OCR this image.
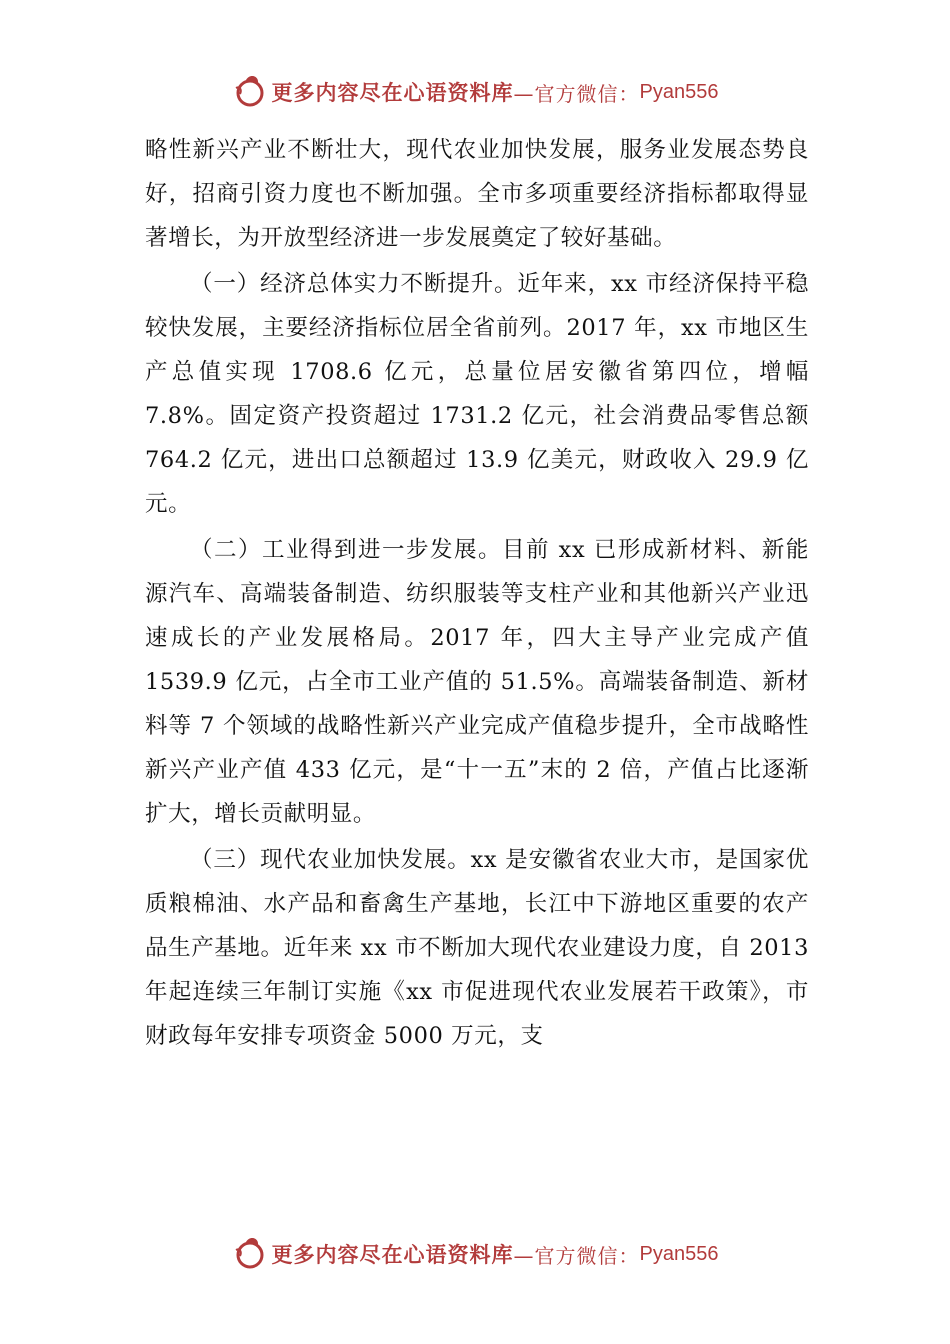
更多内容尽在心语资料库 —官方微信： Pyan556

略性新兴产业不断壮大，现代农业加快发展，服务业发展态势良好，招商引资力度也不断加强。全市多项重要经济指标都取得显著增长，为开放型经济进一步发展奠定了较好基础。

（一）经济总体实力不断提升。近年来，xx 市经济保持平稳较快发展，主要经济指标位居全省前列。2017 年，xx 市地区生产总值实现 1708.6 亿元，总量位居安徽省第四位，增幅 7.8%。固定资产投资超过 1731.2 亿元，社会消费品零售总额 764.2 亿元，进出口总额超过 13.9 亿美元，财政收入 29.9 亿元。

（二）工业得到进一步发展。目前 xx 已形成新材料、新能源汽车、高端装备制造、纺织服装等支柱产业和其他新兴产业迅速成长的产业发展格局。2017 年，四大主导产业完成产值 1539.9 亿元，占全市工业产值的 51.5%。高端装备制造、新材料等 7 个领域的战略性新兴产业完成产值稳步提升，全市战略性新兴产业产值 433 亿元，是“十一五”末的 2 倍，产值占比逐渐扩大，增长贡献明显。

（三）现代农业加快发展。xx 是安徽省农业大市，是国家优质粮棉油、水产品和畜禽生产基地，长江中下游地区重要的农产品生产基地。近年来 xx 市不断加大现代农业建设力度，自 2013 年起连续三年制订实施《xx 市促进现代农业发展若干政策》，市财政每年安排专项资金 5000 万元，支

更多内容尽在心语资料库 —官方微信： Pyan556
